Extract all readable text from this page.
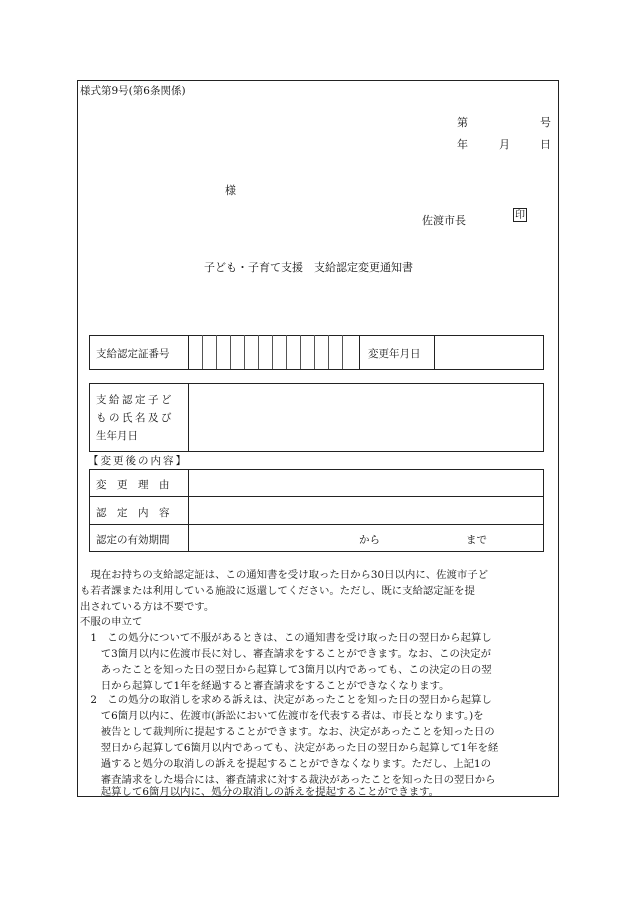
様式第9号(第6条関係)
第	号
年	月	日
様
佐渡市長	印
子ども・子育て支援　支給認定変更通知書
支給認定証番号	変更年月日
支給認定子ど
もの氏名及び
生年月日
【変更後の内容】
変　更　理　由
認　定　内　容
認定の有効期間	から	まで
　現在お持ちの支給認定証は、この通知書を受け取った日から30日以内に、佐渡市子ど
も若者課または利用している施設に返還してください。ただし、既に支給認定証を提
出されている方は不要です。
不服の申立て
　1　この処分について不服があるときは、この通知書を受け取った日の翌日から起算し
　　て3箇月以内に佐渡市長に対し、審査請求をすることができます。なお、この決定が
　　あったことを知った日の翌日から起算して3箇月以内であっても、この決定の日の翌
　　日から起算して1年を経過すると審査請求をすることができなくなります。
　2　この処分の取消しを求める訴えは、決定があったことを知った日の翌日から起算し
　　て6箇月以内に、佐渡市(訴訟において佐渡市を代表する者は、市長となります。)を
　　被告として裁判所に提起することができます。なお、決定があったことを知った日の
　　翌日から起算して6箇月以内であっても、決定があった日の翌日から起算して1年を経
　　過すると処分の取消しの訴えを提起することができなくなります。ただし、上記1の
　　審査請求をした場合には、審査請求に対する裁決があったことを知った日の翌日から
　　起算して6箇月以内に、処分の取消しの訴えを提起することができます。
